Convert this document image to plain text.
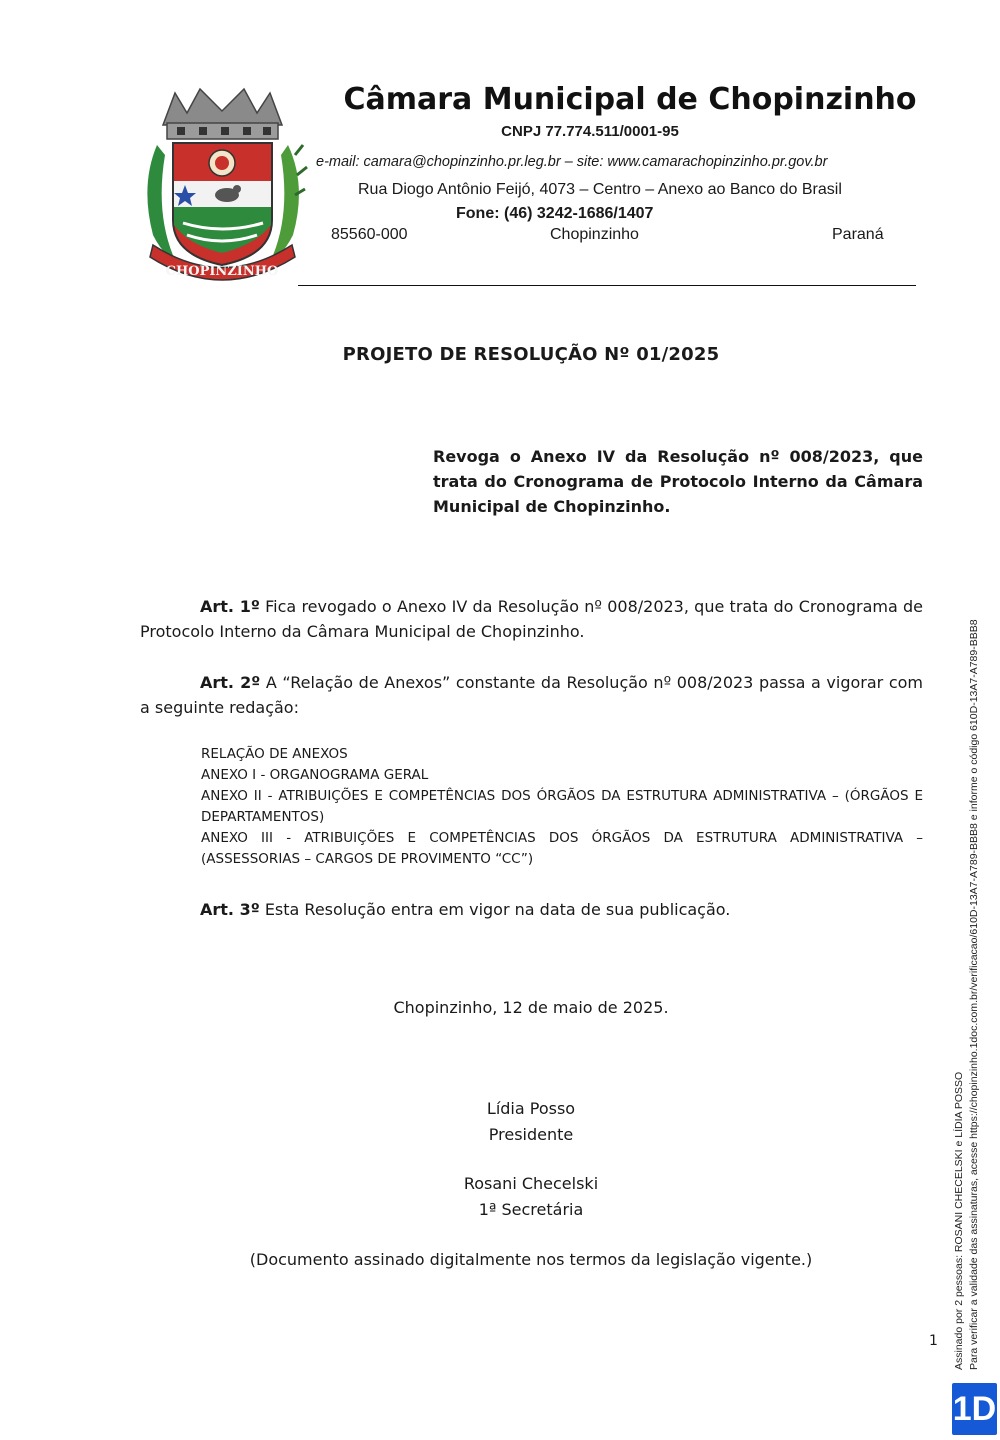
CHOPINZINHO
Câmara Municipal de Chopinzinho
CNPJ 77.774.511/0001-95
e-mail: camara@chopinzinho.pr.leg.br – site: www.camarachopinzinho.pr.gov.br
Rua Diogo Antônio Feijó, 4073 – Centro – Anexo ao Banco do Brasil
Fone: (46) 3242-1686/1407
85560-000	Chopinzinho	Paraná
PROJETO DE RESOLUÇÃO Nº 01/2025
Revoga o Anexo IV da Resolução nº 008/2023, que trata do Cronograma de Protocolo Interno da Câmara Municipal de Chopinzinho.
Art. 1º Fica revogado o Anexo IV da Resolução nº 008/2023, que trata do Cronograma de Protocolo Interno da Câmara Municipal de Chopinzinho.
Art. 2º A “Relação de Anexos” constante da Resolução nº 008/2023 passa a vigorar com a seguinte redação:
RELAÇÃO DE ANEXOS
ANEXO I - ORGANOGRAMA GERAL
ANEXO II - ATRIBUIÇÕES E COMPETÊNCIAS DOS ÓRGÃOS DA ESTRUTURA ADMINISTRATIVA – (ÓRGÃOS E DEPARTAMENTOS)
ANEXO III - ATRIBUIÇÕES E COMPETÊNCIAS DOS ÓRGÃOS DA ESTRUTURA ADMINISTRATIVA – (ASSESSORIAS – CARGOS DE PROVIMENTO “CC”)
Art. 3º Esta Resolução entra em vigor na data de sua publicação.
Chopinzinho, 12 de maio de 2025.
Lídia Posso
Presidente
Rosani Checelski
1ª Secretária
(Documento assinado digitalmente nos termos da legislação vigente.)	Assinado por 2 pessoas: ROSANI CHECELSKI e LÍDIA POSSO Para verificar a validade das assinaturas, acesse https://chopinzinho.1doc.com.br/verificacao/610D-13A7-A789-BBB8 e informe o código 610D-13A7-A789-BBB8
1
1D
